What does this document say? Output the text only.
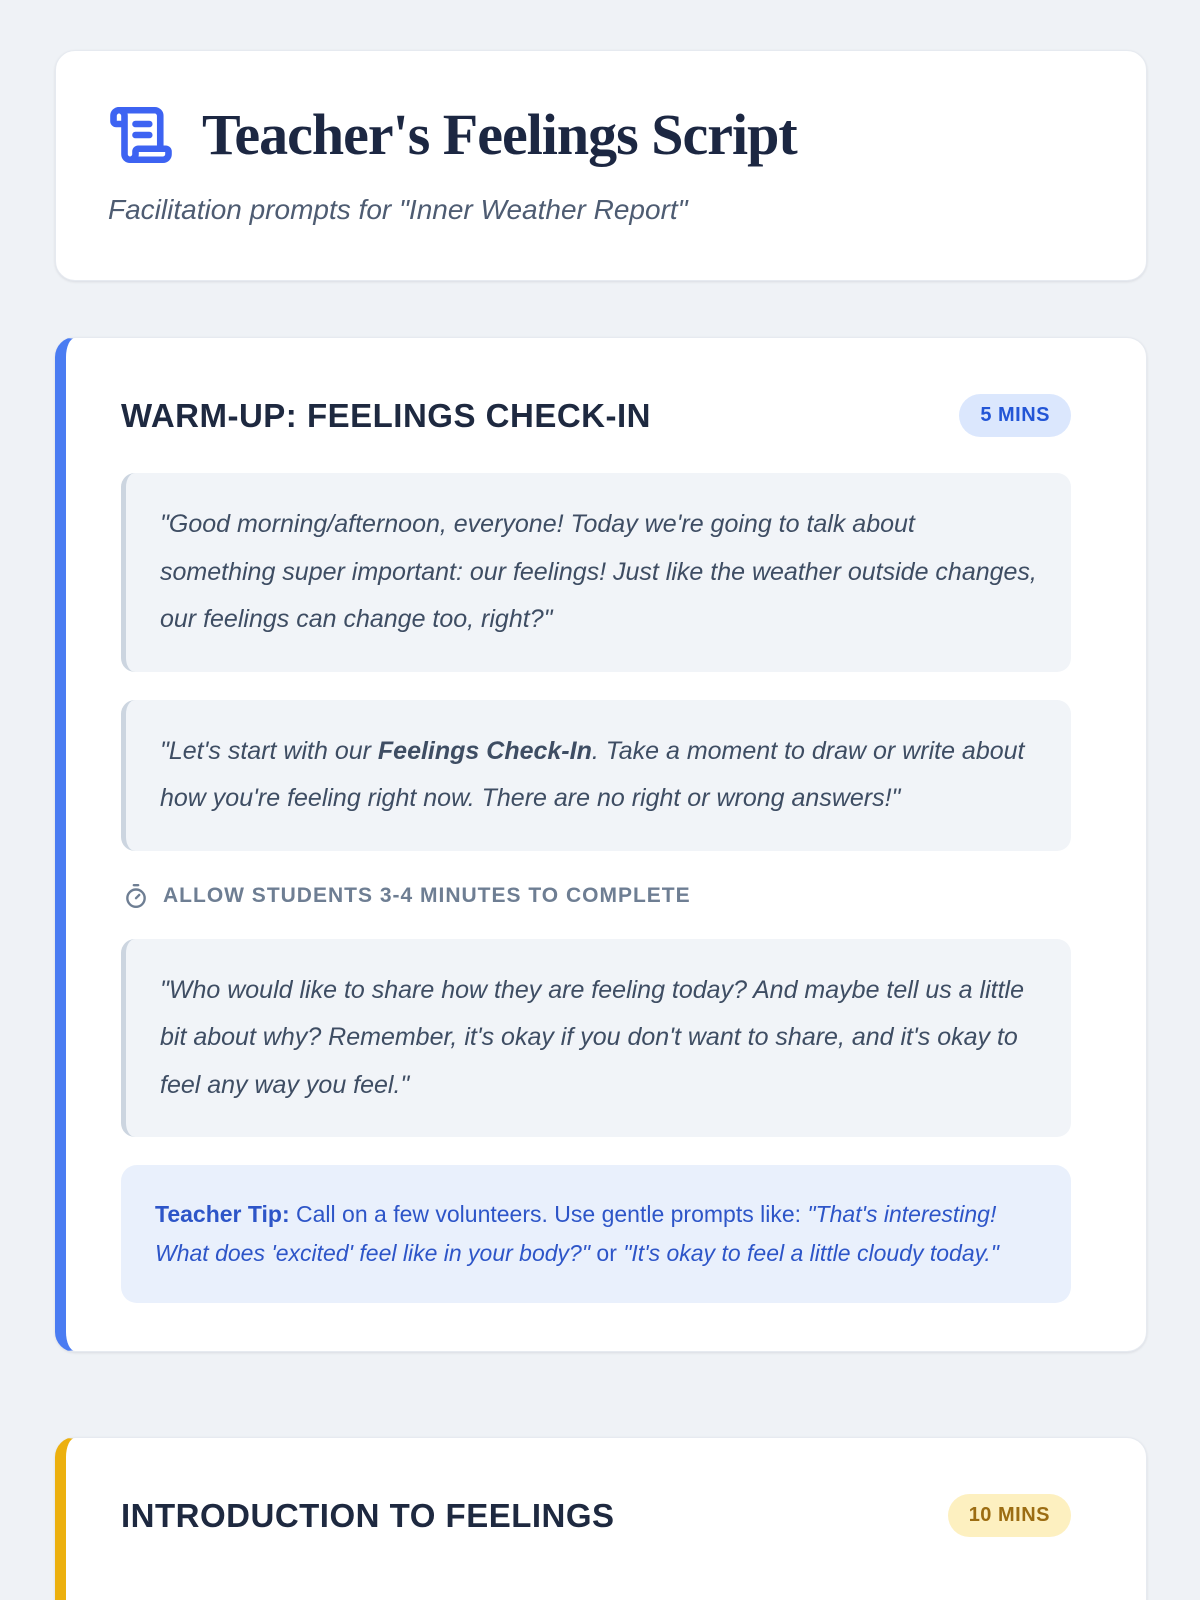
Teacher's Feelings Script

Facilitation prompts for "Inner Weather Report"

WARM-UP: FEELINGS CHECK-IN	5 MINS
"Good morning/afternoon, everyone! Today we're going to talk about something super important: our feelings! Just like the weather outside changes, our feelings can change too, right?"
"Let's start with our Feelings Check-In. Take a moment to draw or write about how you're feeling right now. There are no right or wrong answers!"
ALLOW STUDENTS 3-4 MINUTES TO COMPLETE
"Who would like to share how they are feeling today? And maybe tell us a little bit about why? Remember, it's okay if you don't want to share, and it's okay to feel any way you feel."
Teacher Tip: Call on a few volunteers. Use gentle prompts like: "That's interesting! What does 'excited' feel like in your body?" or "It's okay to feel a little cloudy today."
INTRODUCTION TO FEELINGS	10 MINS
